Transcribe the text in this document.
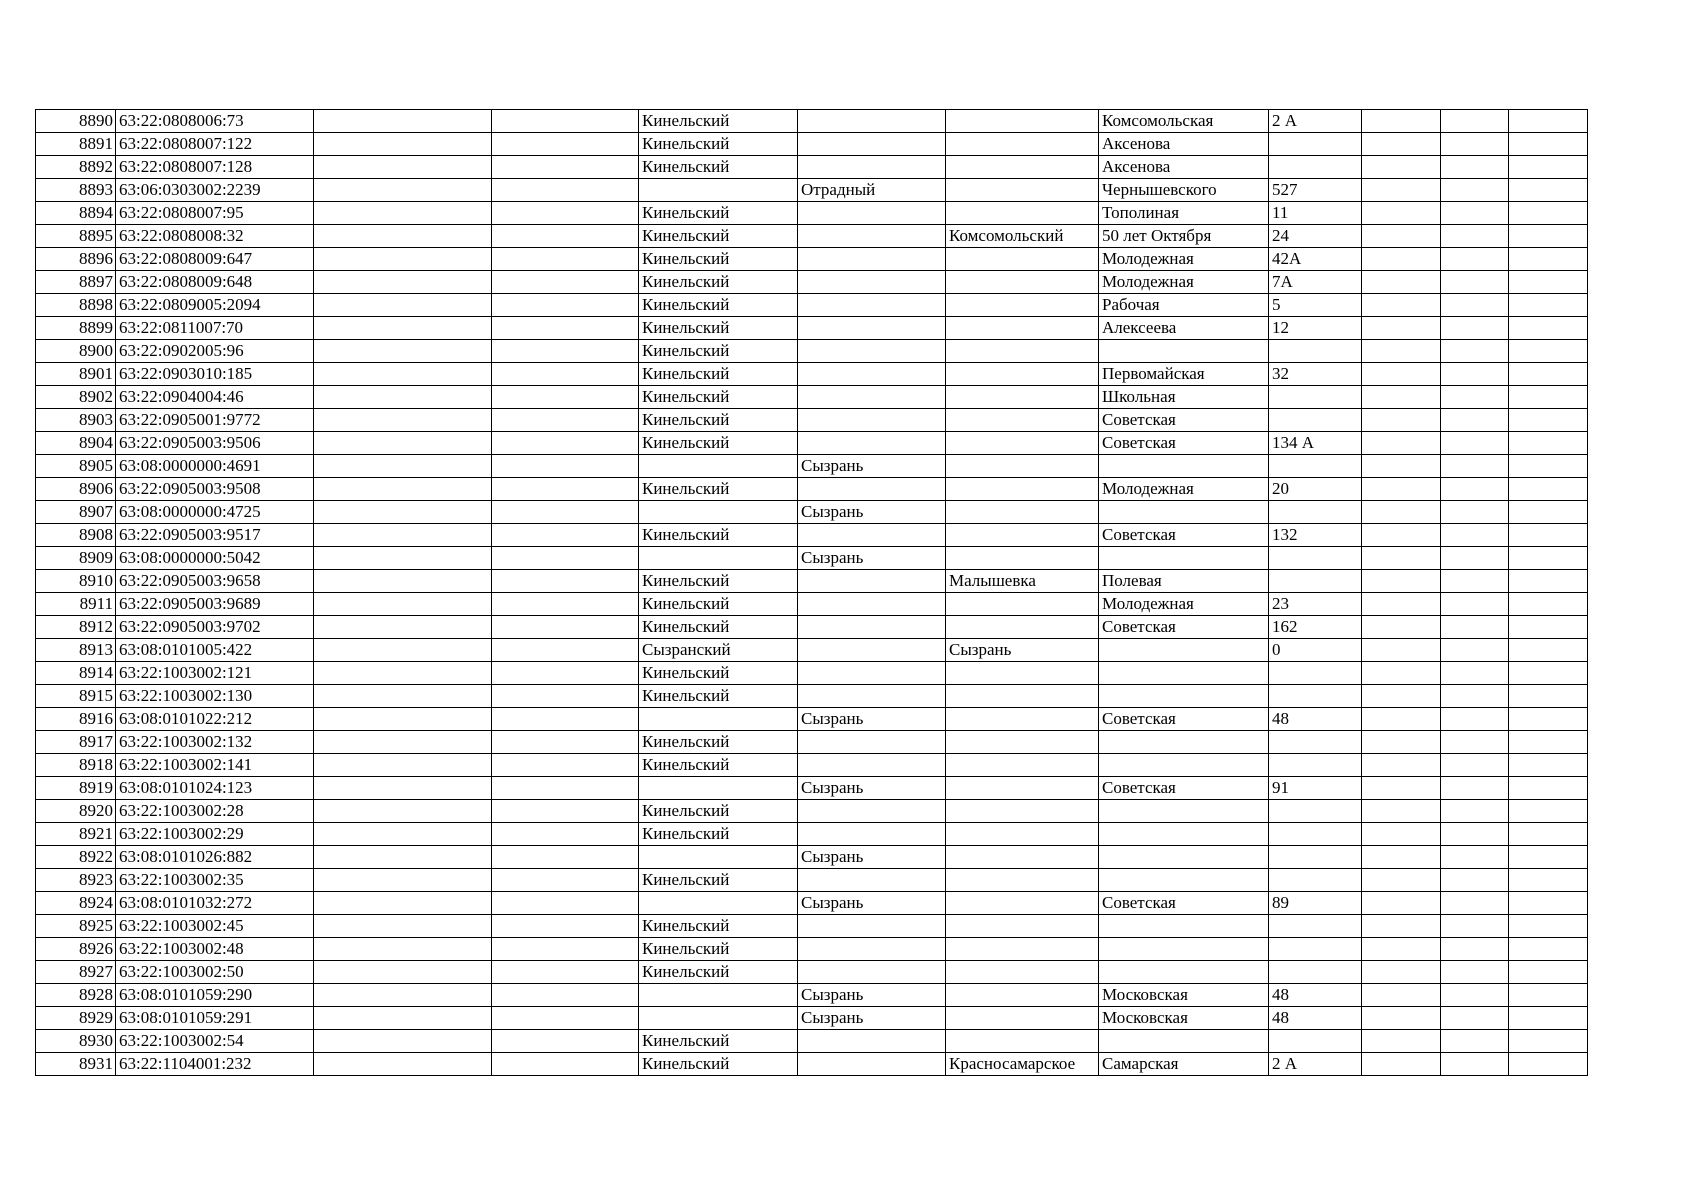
8890	63:22:0808006:73			Кинельский			Комсомольская	2 А			
8891	63:22:0808007:122			Кинельский			Аксенова				
8892	63:22:0808007:128			Кинельский			Аксенова				
8893	63:06:0303002:2239				Отрадный		Чернышевского	527			
8894	63:22:0808007:95			Кинельский			Тополиная	11			
8895	63:22:0808008:32			Кинельский		Комсомольский	50 лет Октября	24			
8896	63:22:0808009:647			Кинельский			Молодежная	42А			
8897	63:22:0808009:648			Кинельский			Молодежная	7А			
8898	63:22:0809005:2094			Кинельский			Рабочая	5			
8899	63:22:0811007:70			Кинельский			Алексеева	12			
8900	63:22:0902005:96			Кинельский							
8901	63:22:0903010:185			Кинельский			Первомайская	32			
8902	63:22:0904004:46			Кинельский			Школьная				
8903	63:22:0905001:9772			Кинельский			Советская				
8904	63:22:0905003:9506			Кинельский			Советская	134 А			
8905	63:08:0000000:4691				Сызрань						
8906	63:22:0905003:9508			Кинельский			Молодежная	20			
8907	63:08:0000000:4725				Сызрань						
8908	63:22:0905003:9517			Кинельский			Советская	132			
8909	63:08:0000000:5042				Сызрань						
8910	63:22:0905003:9658			Кинельский		Малышевка	Полевая				
8911	63:22:0905003:9689			Кинельский			Молодежная	23			
8912	63:22:0905003:9702			Кинельский			Советская	162			
8913	63:08:0101005:422			Сызранский		Сызрань		0			
8914	63:22:1003002:121			Кинельский							
8915	63:22:1003002:130			Кинельский							
8916	63:08:0101022:212				Сызрань		Советская	48			
8917	63:22:1003002:132			Кинельский							
8918	63:22:1003002:141			Кинельский							
8919	63:08:0101024:123				Сызрань		Советская	91			
8920	63:22:1003002:28			Кинельский							
8921	63:22:1003002:29			Кинельский							
8922	63:08:0101026:882				Сызрань						
8923	63:22:1003002:35			Кинельский							
8924	63:08:0101032:272				Сызрань		Советская	89			
8925	63:22:1003002:45			Кинельский							
8926	63:22:1003002:48			Кинельский							
8927	63:22:1003002:50			Кинельский							
8928	63:08:0101059:290				Сызрань		Московская	48			
8929	63:08:0101059:291				Сызрань		Московская	48			
8930	63:22:1003002:54			Кинельский							
8931	63:22:1104001:232			Кинельский		Красносамарское	Самарская	2 А			
